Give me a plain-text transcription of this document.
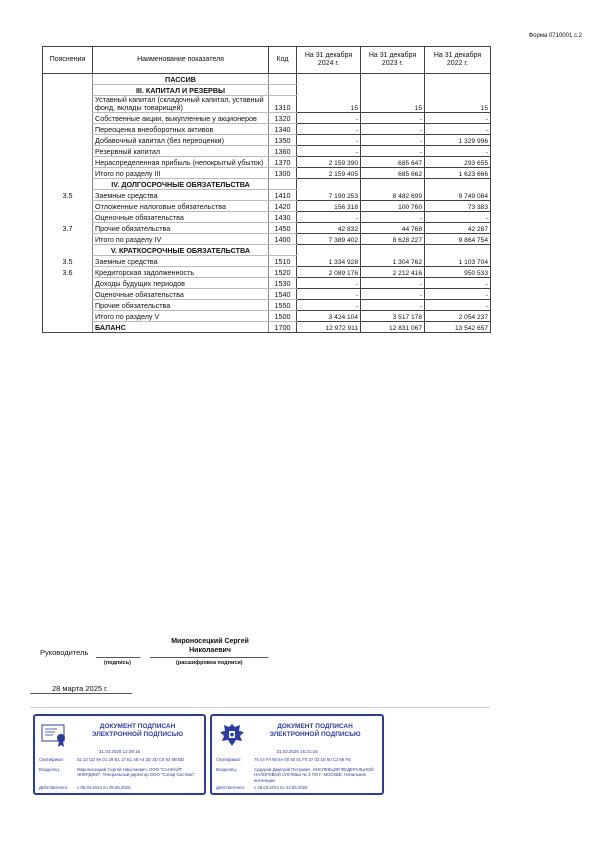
Форма 0710001 с.2
Пояснения	Наименование показателя	Код	На 31 декабря 2024 г.	На 31 декабря 2023 г.	На 31 декабря 2022 г.
	ПАССИВ				
	III. КАПИТАЛ И РЕЗЕРВЫ				
	Уставный капитал (складочный капитал, уставный фонд, вклады товарищей)	1310	15	15	15
	Собственные акции, выкупленные у акционеров	1320	-	-	-
	Переоценка внеоборотных активов	1340	-	-	-
	Добавочный капитал (без переоценки)	1350	-	-	1 329 996
	Резервный капитал	1360	-	-	-
	Нераспределенная прибыль (непокрытый убыток)	1370	2 159 390	685 647	293 655
	Итого по разделу III	1300	2 159 405	685 662	1 623 666
	IV. ДОЛГОСРОЧНЫЕ ОБЯЗАТЕЛЬСТВА				
3.5	Заемные средства	1410	7 190 253	8 482 699	9 749 084
	Отложенные налоговые обязательства	1420	156 318	100 760	73 383
	Оценочные обязательства	1430	-	-	-
3.7	Прочие обязательства	1450	42 832	44 768	42 287
	Итого по разделу IV	1400	7 389 402	8 628 227	9 864 754
	V. КРАТКОСРОЧНЫЕ ОБЯЗАТЕЛЬСТВА				
3.5	Заемные средства	1510	1 334 928	1 304 762	1 103 704
3.6	Кредиторская задолженность	1520	2 089 176	2 212 416	950 533
	Доходы будущих периодов	1530	-	-	-
	Оценочные обязательства	1540	-	-	-
	Прочие обязательства	1550	-	-	-
	Итого по разделу V	1500	3 424 104	3 517 178	2 054 237
	БАЛАНС	1700	12 972 911	12 831 067	13 542 657
Руководитель
(подпись)
Мироносецкий Сергей Николаевич
(расшифровка подписи)
28 марта 2025 г.
ДОКУМЕНТ ПОДПИСАН ЭЛЕКТРОННОЙ ПОДПИСЬЮ
31.03.2025 12:39:16
Сертификат:	02 23 CD 8A 01 29 B1 17 B1 48 A4 2D 3D C9 93 6B BD
Владелец:	Мироносецкий Сергей Николаевич, ООО "САНЛАЙТ ЭНЕРДЖИ", Генеральный директор ООО "Солар Системс"
Действителен:	с 05.03.2024 по 05.06.2025
ДОКУМЕНТ ПОДПИСАН ЭЛЕКТРОННОЙ ПОДПИСЬЮ
31.03.2025 15:31:16
Сертификат:	76 44 FA 50 8A 00 50 01 F0 37 03 1E 60 C3 66 FE
Владелец:	Сидоров Дмитрий Петрович, ИНСПЕКЦИЯ ФЕДЕРАЛЬНОЙ НАЛОГОВОЙ СЛУЖБЫ № 3 ПО Г. МОСКВЕ, Начальник инспекции
Действителен:	с 29.03.2024 по 22.06.2025
